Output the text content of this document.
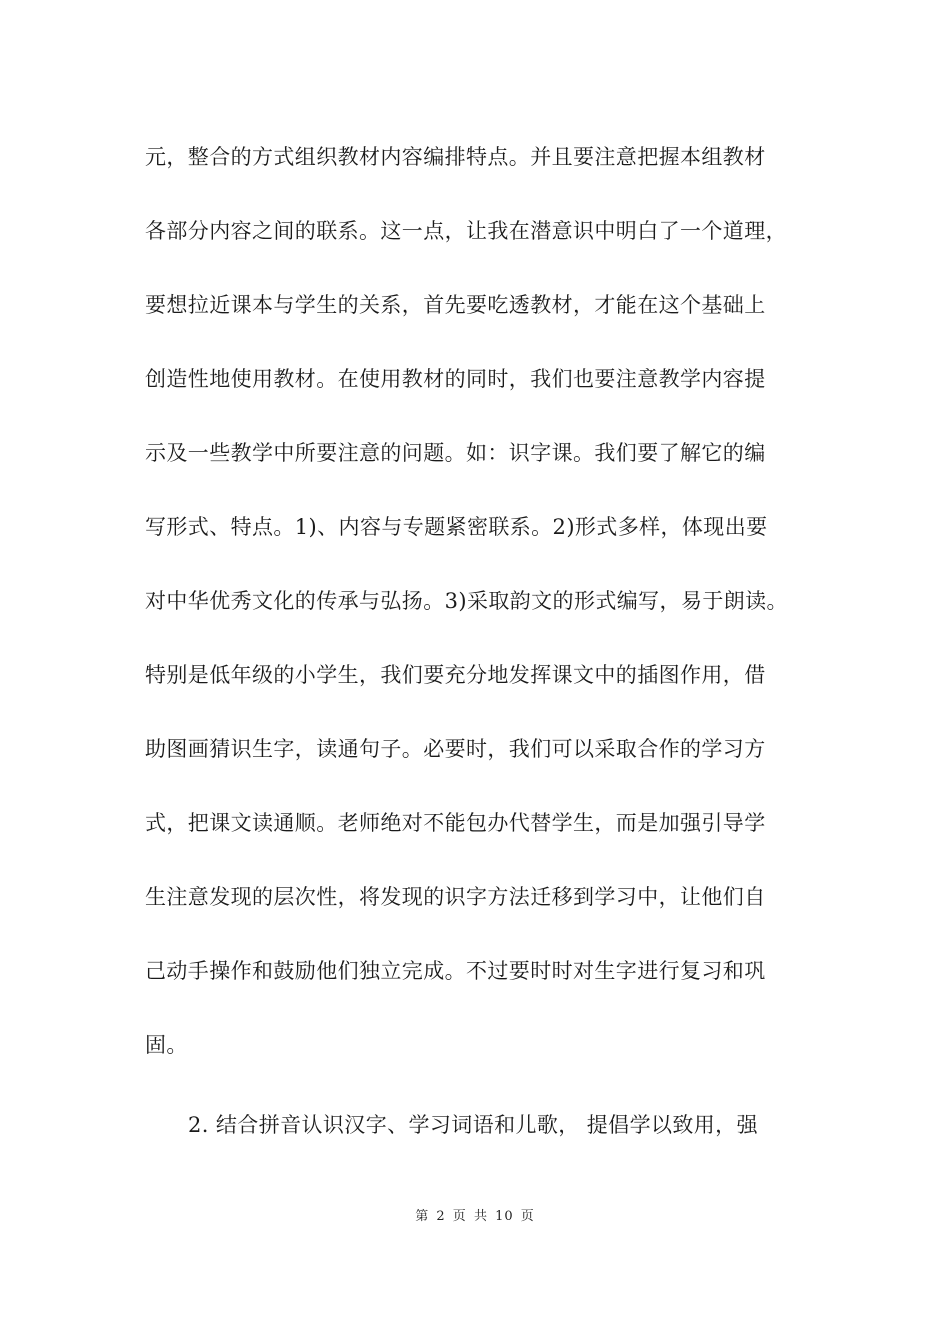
元，整合的方式组织教材内容编排特点。并且要注意把握本组教材
各部分内容之间的联系。这一点，让我在潜意识中明白了一个道理，
要想拉近课本与学生的关系，首先要吃透教材，才能在这个基础上
创造性地使用教材。在使用教材的同时，我们也要注意教学内容提
示及一些教学中所要注意的问题。如：识字课。我们要了解它的编
写形式、特点。1)、内容与专题紧密联系。2)形式多样，体现出要
对中华优秀文化的传承与弘扬。3)采取韵文的形式编写，易于朗读。
特别是低年级的小学生，我们要充分地发挥课文中的插图作用，借
助图画猜识生字，读通句子。必要时，我们可以采取合作的学习方
式，把课文读通顺。老师绝对不能包办代替学生，而是加强引导学
生注意发现的层次性，将发现的识字方法迁移到学习中，让他们自
己动手操作和鼓励他们独立完成。不过要时时对生字进行复习和巩
固。
2. 结合拼音认识汉字、学习词语和儿歌， 提倡学以致用，强
第 2 页 共 10 页
